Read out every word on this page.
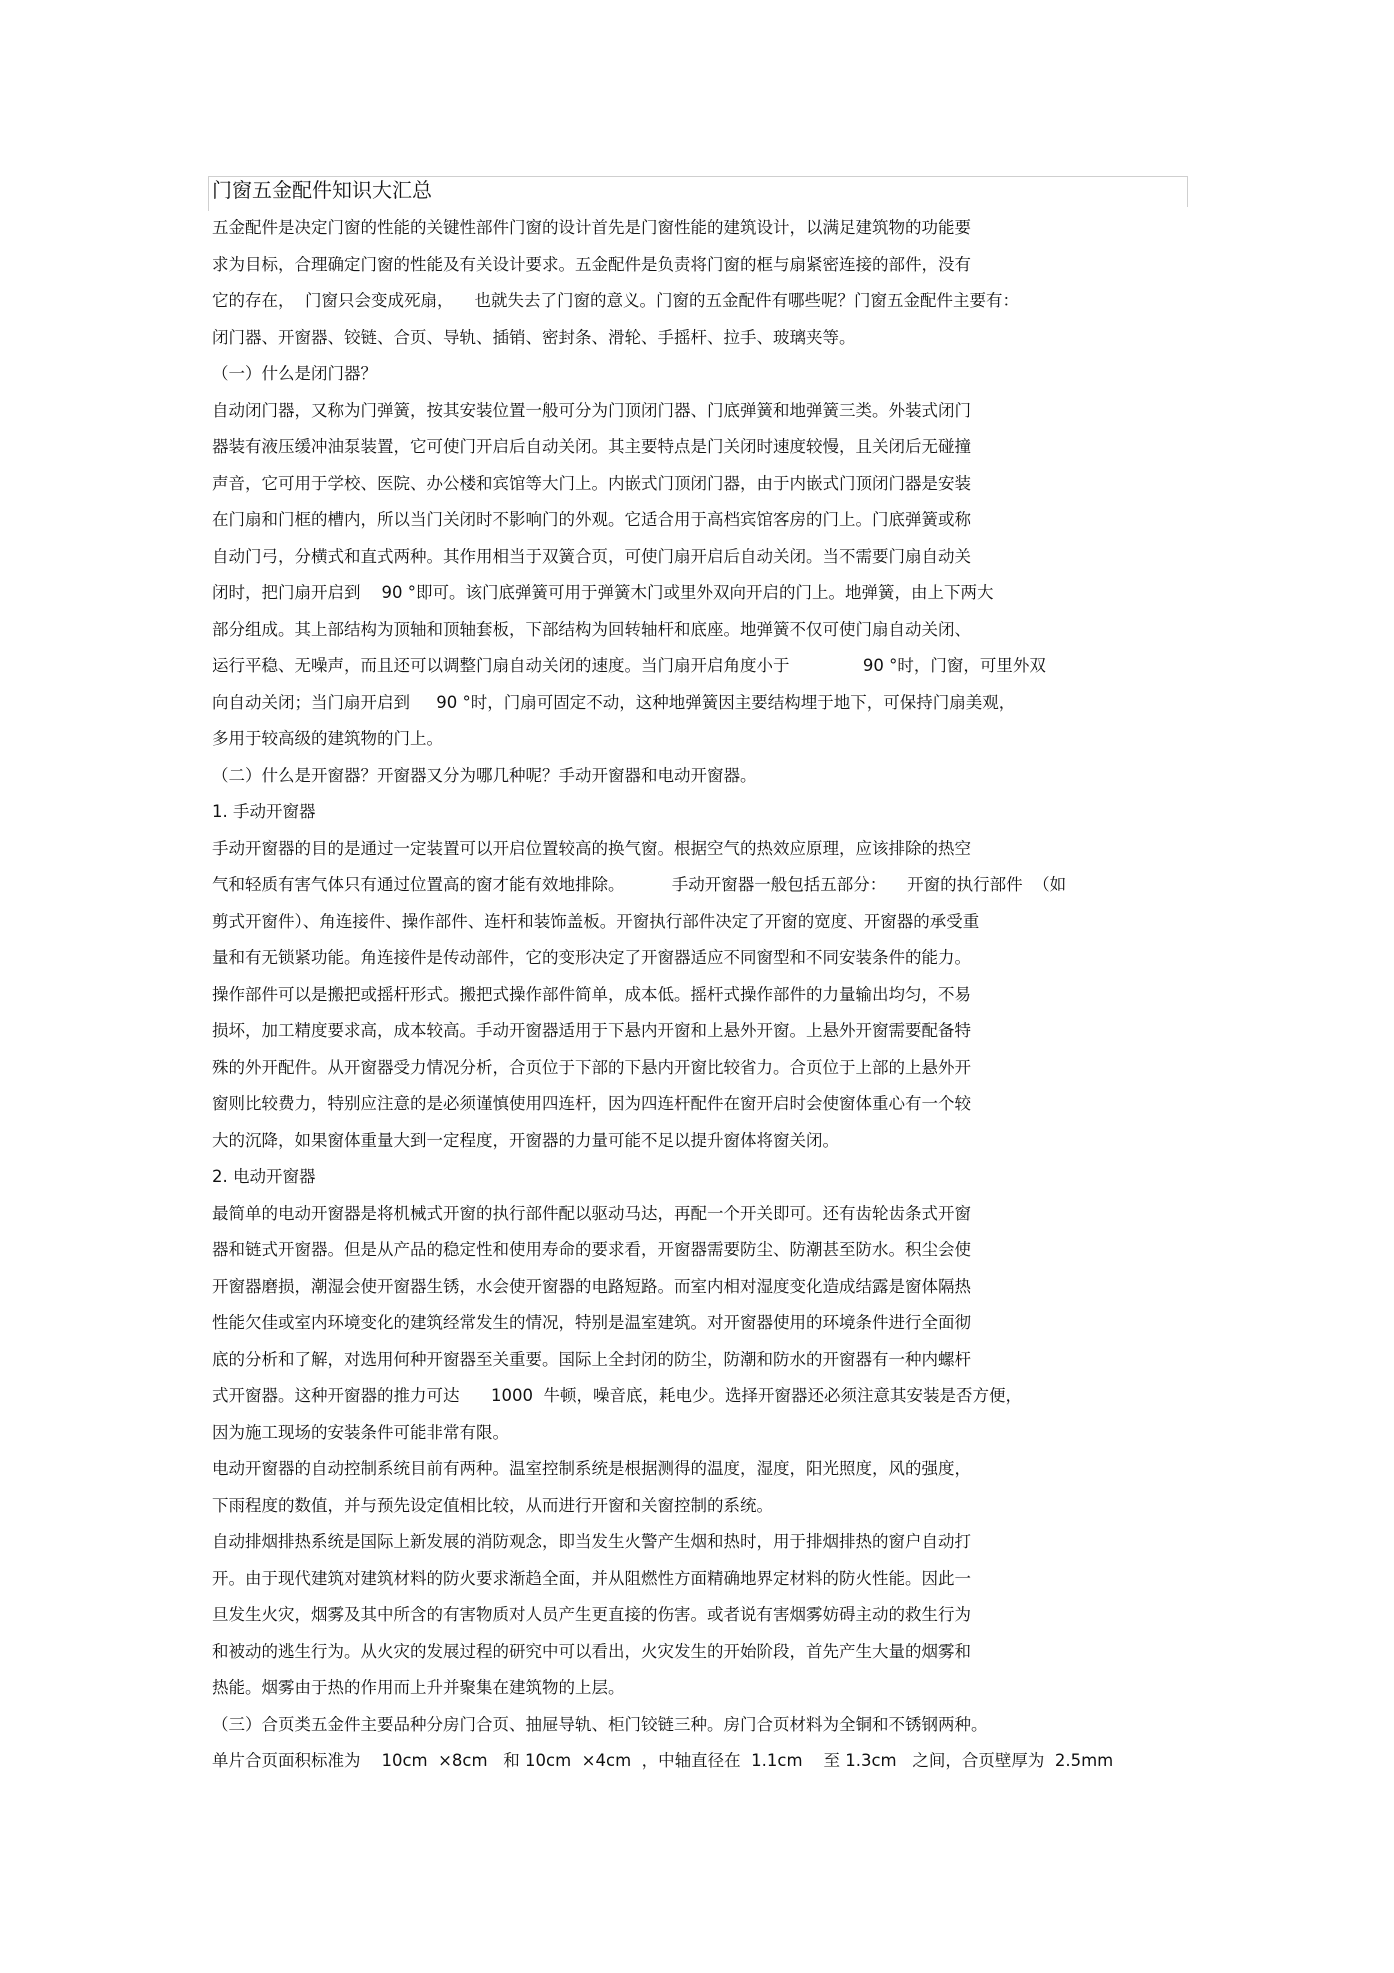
门窗五金配件知识大汇总

五金配件是决定门窗的性能的关键性部件门窗的设计首先是门窗性能的建筑设计，以满足建筑物的功能要

求为目标，合理确定门窗的性能及有关设计要求。五金配件是负责将门窗的框与扇紧密连接的部件，没有

它的存在，  门窗只会变成死扇，    也就失去了门窗的意义。门窗的五金配件有哪些呢？门窗五金配件主要有：

闭门器、开窗器、铰链、合页、导轨、插销、密封条、滑轮、手摇杆、拉手、玻璃夹等。

（一）什么是闭门器？

自动闭门器，又称为门弹簧，按其安装位置一般可分为门顶闭门器、门底弹簧和地弹簧三类。外装式闭门

器装有液压缓冲油泵装置，它可使门开启后自动关闭。其主要特点是门关闭时速度较慢，且关闭后无碰撞

声音，它可用于学校、医院、办公楼和宾馆等大门上。内嵌式门顶闭门器，由于内嵌式门顶闭门器是安装

在门扇和门框的槽内，所以当门关闭时不影响门的外观。它适合用于高档宾馆客房的门上。门底弹簧或称

自动门弓，分横式和直式两种。其作用相当于双簧合页，可使门扇开启后自动关闭。当不需要门扇自动关

闭时，把门扇开启到    90 °即可。该门底弹簧可用于弹簧木门或里外双向开启的门上。地弹簧，由上下两大

部分组成。其上部结构为顶轴和顶轴套板，下部结构为回转轴杆和底座。地弹簧不仅可使门扇自动关闭、

运行平稳、无噪声，而且还可以调整门扇自动关闭的速度。当门扇开启角度小于              90 °时，门窗，可里外双

向自动关闭；当门扇开启到     90 °时，门扇可固定不动，这种地弹簧因主要结构埋于地下，可保持门扇美观，

多用于较高级的建筑物的门上。

（二）什么是开窗器？开窗器又分为哪几种呢？手动开窗器和电动开窗器。

1. 手动开窗器

手动开窗器的目的是通过一定装置可以开启位置较高的换气窗。根据空气的热效应原理，应该排除的热空

气和轻质有害气体只有通过位置高的窗才能有效地排除。         手动开窗器一般包括五部分：    开窗的执行部件  （如

剪式开窗件）、角连接件、操作部件、连杆和装饰盖板。开窗执行部件决定了开窗的宽度、开窗器的承受重

量和有无锁紧功能。角连接件是传动部件，它的变形决定了开窗器适应不同窗型和不同安装条件的能力。

操作部件可以是搬把或摇杆形式。搬把式操作部件简单，成本低。摇杆式操作部件的力量输出均匀，不易

损坏，加工精度要求高，成本较高。手动开窗器适用于下悬内开窗和上悬外开窗。上悬外开窗需要配备特

殊的外开配件。从开窗器受力情况分析，合页位于下部的下悬内开窗比较省力。合页位于上部的上悬外开

窗则比较费力，特别应注意的是必须谨慎使用四连杆，因为四连杆配件在窗开启时会使窗体重心有一个较

大的沉降，如果窗体重量大到一定程度，开窗器的力量可能不足以提升窗体将窗关闭。

2. 电动开窗器

最简单的电动开窗器是将机械式开窗的执行部件配以驱动马达，再配一个开关即可。还有齿轮齿条式开窗

器和链式开窗器。但是从产品的稳定性和使用寿命的要求看，开窗器需要防尘、防潮甚至防水。积尘会使

开窗器磨损，潮湿会使开窗器生锈，水会使开窗器的电路短路。而室内相对湿度变化造成结露是窗体隔热

性能欠佳或室内环境变化的建筑经常发生的情况，特别是温室建筑。对开窗器使用的环境条件进行全面彻

底的分析和了解，对选用何种开窗器至关重要。国际上全封闭的防尘，防潮和防水的开窗器有一种内螺杆

式开窗器。这种开窗器的推力可达      1000  牛顿，噪音底，耗电少。选择开窗器还必须注意其安装是否方便，

因为施工现场的安装条件可能非常有限。

电动开窗器的自动控制系统目前有两种。温室控制系统是根据测得的温度，湿度，阳光照度，风的强度，

下雨程度的数值，并与预先设定值相比较，从而进行开窗和关窗控制的系统。

自动排烟排热系统是国际上新发展的消防观念，即当发生火警产生烟和热时，用于排烟排热的窗户自动打

开。由于现代建筑对建筑材料的防火要求渐趋全面，并从阻燃性方面精确地界定材料的防火性能。因此一

旦发生火灾，烟雾及其中所含的有害物质对人员产生更直接的伤害。或者说有害烟雾妨碍主动的救生行为

和被动的逃生行为。从火灾的发展过程的研究中可以看出，火灾发生的开始阶段，首先产生大量的烟雾和

热能。烟雾由于热的作用而上升并聚集在建筑物的上层。

（三）合页类五金件主要品种分房门合页、抽屉导轨、柜门铰链三种。房门合页材料为全铜和不锈钢两种。

单片合页面积标准为    10cm  ×8cm   和 10cm  ×4cm  ，中轴直径在  1.1cm    至 1.3cm   之间，合页壁厚为  2.5mm
